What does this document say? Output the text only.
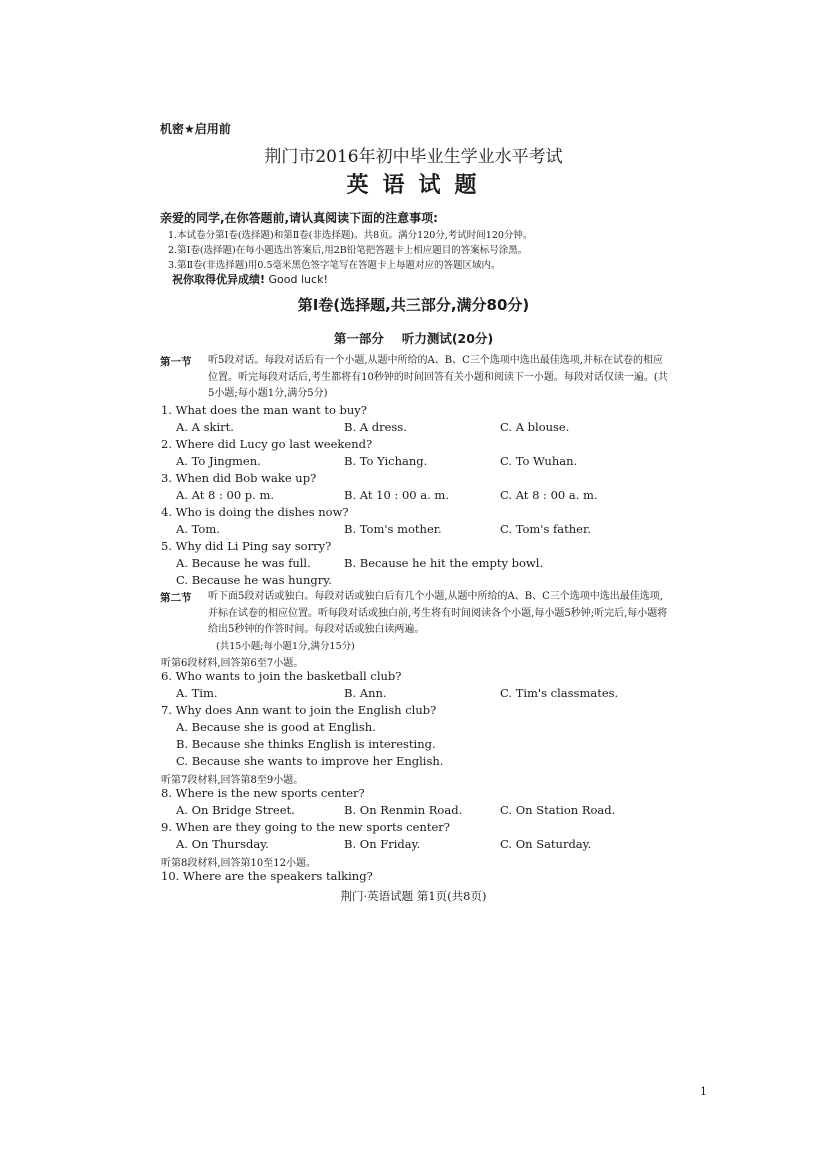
机密★启用前
荆门市2016年初中毕业生学业水平考试
英语试题
亲爱的同学,在你答题前,请认真阅读下面的注意事项:
1.本试卷分第Ⅰ卷(选择题)和第Ⅱ卷(非选择题)。共8页。满分120分,考试时间120分钟。
2.第Ⅰ卷(选择题)在每小题选出答案后,用2B铅笔把答题卡上相应题目的答案标号涂黑。
3.第Ⅱ卷(非选择题)用0.5毫米黑色签字笔写在答题卡上每题对应的答题区域内。
祝你取得优异成绩! Good luck!
第Ⅰ卷(选择题,共三部分,满分80分)
第一部分 听力测试(20分)
第一节 听5段对话。每段对话后有一个小题,从题中所给的A、B、C三个选项中选出最佳选项,并标在试卷的相应位置。听完每段对话后,考生都将有10秒钟的时间回答有关小题和阅读下一小题。每段对话仅读一遍。(共5小题;每小题1分,满分5分)
1. What does the man want to buy?
A. A skirt.	B. A dress.	C. A blouse.
2. Where did Lucy go last weekend?
A. To Jingmen.	B. To Yichang.	C. To Wuhan.
3. When did Bob wake up?
A. At 8 : 00 p. m.	B. At 10 : 00 a. m.	C. At 8 : 00 a. m.
4. Who is doing the dishes now?
A. Tom.	B. Tom's mother.	C. Tom's father.
5. Why did Li Ping say sorry?
A. Because he was full.	B. Because he hit the empty bowl.
C. Because he was hungry.
第二节 听下面5段对话或独白。每段对话或独白后有几个小题,从题中所给的A、B、C三个选项中选出最佳选项,并标在试卷的相应位置。听每段对话或独白前,考生将有时间阅读各个小题,每小题5秒钟;听完后,每小题将给出5秒钟的作答时间。每段对话或独白读两遍。
(共15小题;每小题1分,满分15分)
听第6段材料,回答第6至7小题。
6. Who wants to join the basketball club?
A. Tim.	B. Ann.	C. Tim's classmates.
7. Why does Ann want to join the English club?
A. Because she is good at English.
B. Because she thinks English is interesting.
C. Because she wants to improve her English.
听第7段材料,回答第8至9小题。
8. Where is the new sports center?
A. On Bridge Street.	B. On Renmin Road.	C. On Station Road.
9. When are they going to the new sports center?
A. On Thursday.	B. On Friday.	C. On Saturday.
听第8段材料,回答第10至12小题。
10. Where are the speakers talking?
荆门·英语试题 第1页(共8页)
1
